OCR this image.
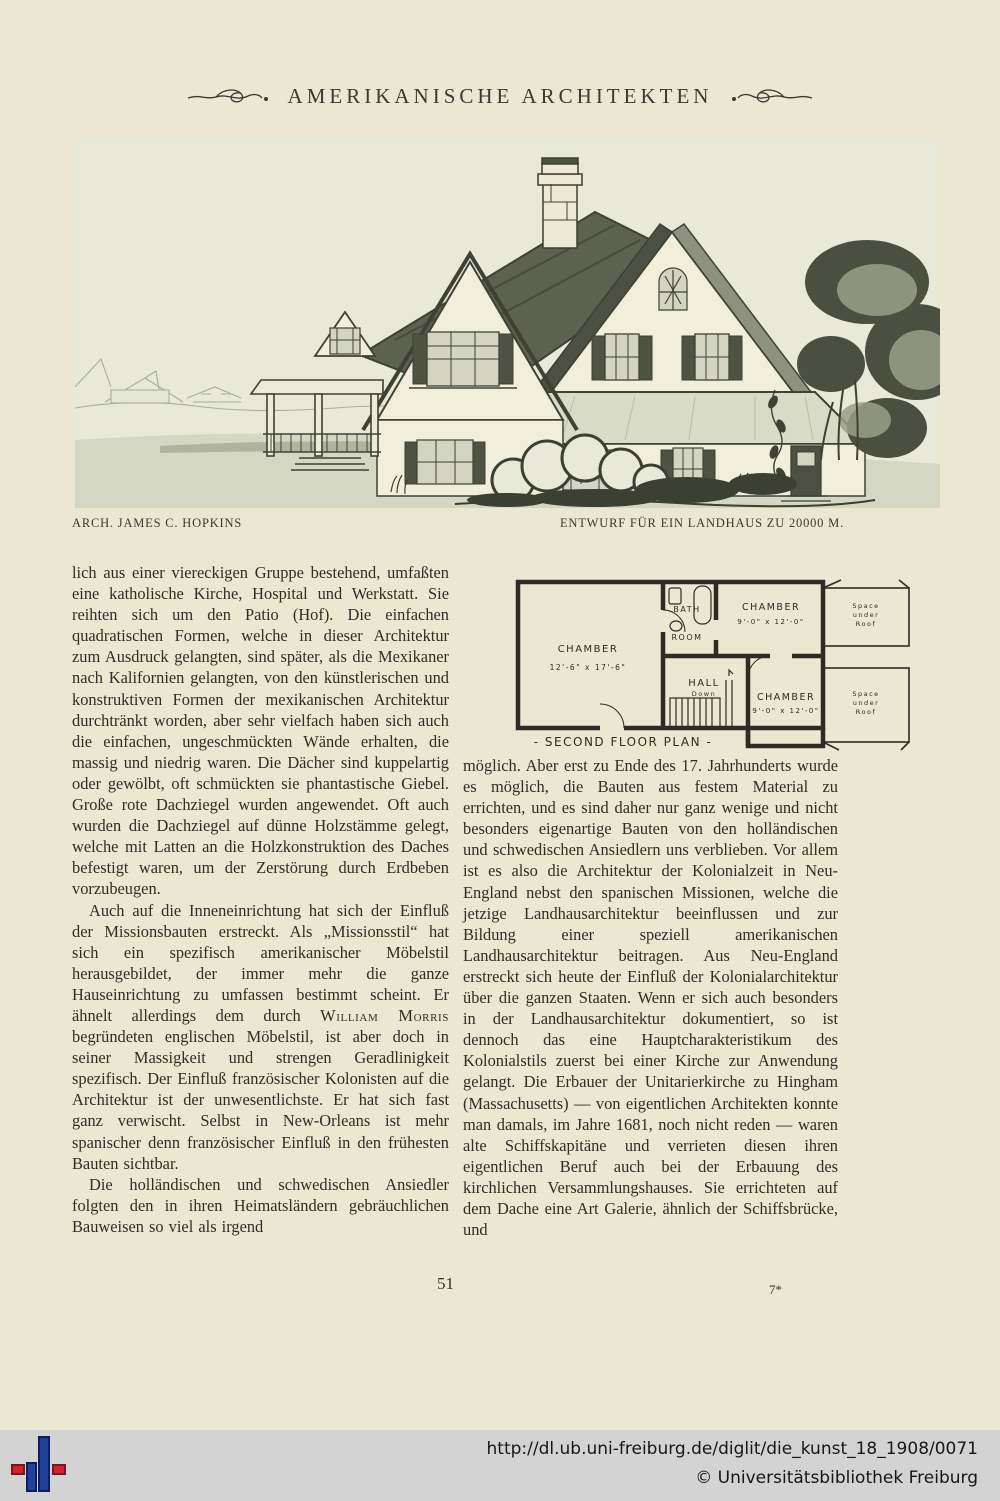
AMERIKANISCHE ARCHITEKTEN
ARCH. JAMES C. HOPKINS	ENTWURF FÜR EIN LANDHAUS ZU 20000 M.
CHAMBER
12'-6" x 17'-6"
BATH
ROOM
CHAMBER
9'-0" x 12'-0"
HALL
Down	CHAMBER
9'-0" x 12'-0"
Space
under
Roof
Space
under
Roof
- SECOND FLOOR PLAN -

lich aus einer viereckigen Gruppe bestehend, umfaßten eine katholische Kirche, Hospital und Werkstatt. Sie reihten sich um den Patio (Hof). Die einfachen quadratischen Formen, welche in dieser Architektur zum Ausdruck gelangten, sind später, als die Mexikaner nach Kalifornien gelangten, von den künstlerischen und konstruktiven Formen der mexikanischen Architektur durchtränkt worden, aber sehr vielfach haben sich auch die einfachen, ungeschmückten Wände erhalten, die massig und niedrig waren. Die Dächer sind kuppelartig oder gewölbt, oft schmückten sie phantastische Giebel. Große rote Dachziegel wurden angewendet. Oft auch wurden die Dachziegel auf dünne Holzstämme gelegt, welche mit Latten an die Holzkonstruktion des Daches befestigt waren, um der Zerstörung durch Erdbeben vorzubeugen.

Auch auf die Inneneinrichtung hat sich der Einfluß der Missionsbauten erstreckt. Als „Missionsstil“ hat sich ein spezifisch amerikanischer Möbelstil herausgebildet, der immer mehr die ganze Hauseinrichtung zu umfassen bestimmt scheint. Er ähnelt allerdings dem durch William Morris begründeten englischen Möbelstil, ist aber doch in seiner Massigkeit und strengen Geradlinigkeit spezifisch. Der Einfluß französischer Kolonisten auf die Architektur ist der unwesentlichste. Er hat sich fast ganz verwischt. Selbst in New-Orleans ist mehr spanischer denn französischer Einfluß in den frühesten Bauten sichtbar.

Die holländischen und schwedischen Ansiedler folgten den in ihren Heimatsländern gebräuchlichen Bauweisen so viel als irgend

möglich. Aber erst zu Ende des 17. Jahrhunderts wurde es möglich, die Bauten aus festem Material zu errichten, und es sind daher nur ganz wenige und nicht besonders eigenartige Bauten von den holländischen und schwedischen Ansiedlern uns verblieben. Vor allem ist es also die Architektur der Kolonialzeit in Neu-England nebst den spanischen Missionen, welche die jetzige Landhausarchitektur beeinflussen und zur Bildung einer speziell amerikanischen Landhausarchitektur beitragen. Aus Neu-England erstreckt sich heute der Einfluß der Kolonialarchitektur über die ganzen Staaten. Wenn er sich auch besonders in der Landhausarchitektur dokumentiert, so ist dennoch das eine Hauptcharakteristikum des Kolonialstils zuerst bei einer Kirche zur Anwendung gelangt. Die Erbauer der Unitarierkirche zu Hingham (Massachusetts) — von eigentlichen Architekten konnte man damals, im Jahre 1681, noch nicht reden — waren alte Schiffskapitäne und verrieten diesen ihren eigentlichen Beruf auch bei der Erbauung des kirchlichen Versammlungshauses. Sie errichteten auf dem Dache eine Art Galerie, ähnlich der Schiffsbrücke, und

51	7*

http://dl.ub.uni-freiburg.de/diglit/die_kunst_18_1908/0071

© Universitätsbibliothek Freiburg
